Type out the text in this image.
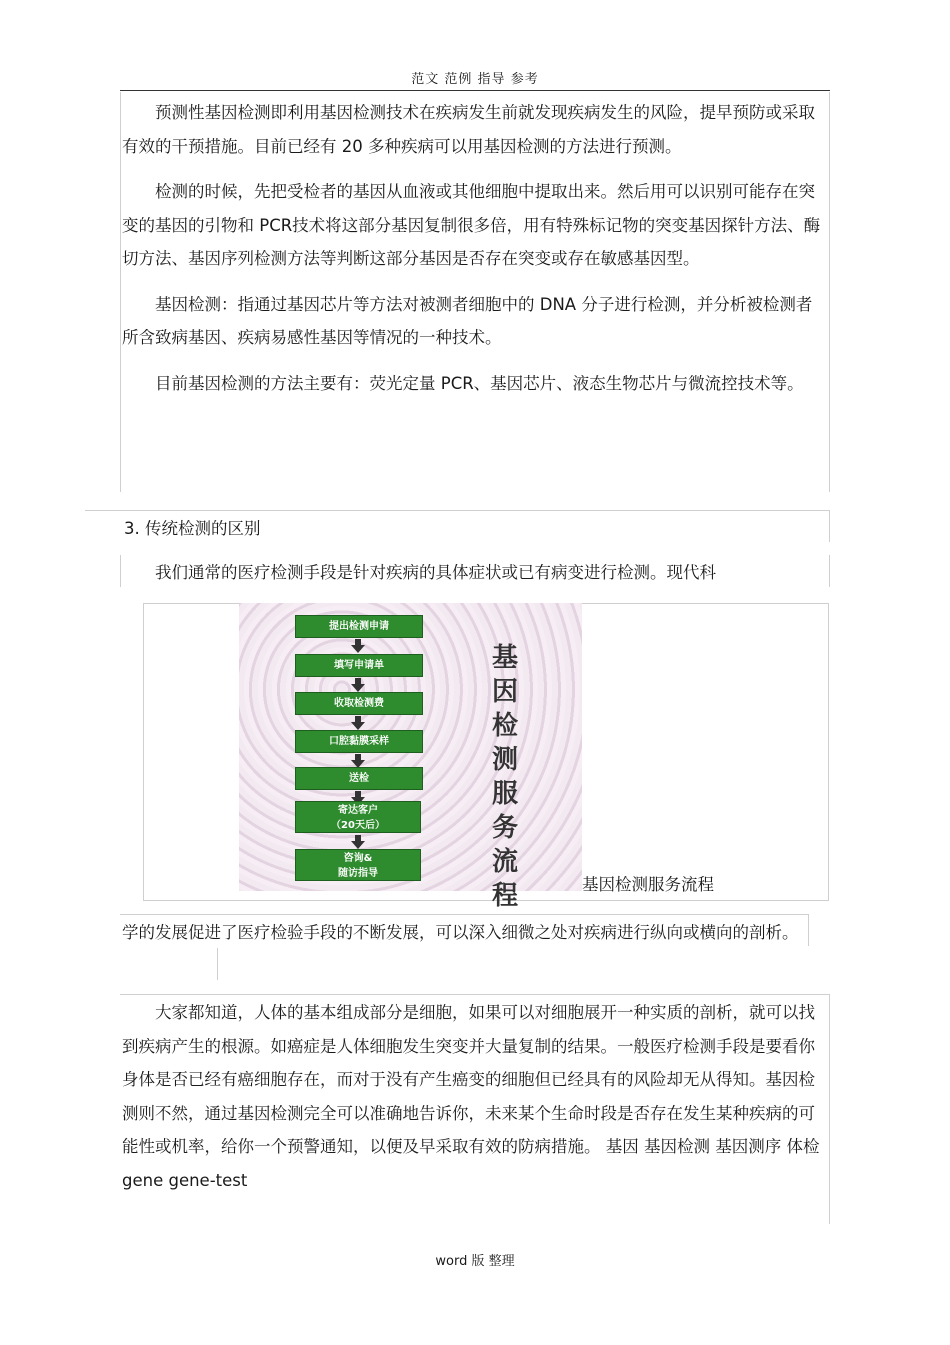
范文 范例 指导 参考

预测性基因检测即利用基因检测技术在疾病发生前就发现疾病发生的风险，提早预防或采取有效的干预措施。目前已经有 20 多种疾病可以用基因检测的方法进行预测。

检测的时候，先把受检者的基因从血液或其他细胞中提取出来。然后用可以识别可能存在突变的基因的引物和 PCR技术将这部分基因复制很多倍，用有特殊标记物的突变基因探针方法、酶切方法、基因序列检测方法等判断这部分基因是否存在突变或存在敏感基因型。

基因检测：指通过基因芯片等方法对被测者细胞中的 DNA 分子进行检测，并分析被检测者所含致病基因、疾病易感性基因等情况的一种技术。

目前基因检测的方法主要有：荧光定量 PCR、基因芯片、液态生物芯片与微流控技术等。

3. 传统检测的区别

我们通常的医疗检测手段是针对疾病的具体症状或已有病变进行检测。现代科

提出检测申请
填写申请单
收取检测费
口腔黏膜采样
送检
寄达客户
（20天后）
咨询&
随访指导
基因检测服务流程	基因检测服务流程

学的发展促进了医疗检验手段的不断发展，可以深入细微之处对疾病进行纵向或横向的剖析。

大家都知道，人体的基本组成部分是细胞，如果可以对细胞展开一种实质的剖析，就可以找到疾病产生的根源。如癌症是人体细胞发生突变并大量复制的结果。一般医疗检测手段是要看你身体是否已经有癌细胞存在，而对于没有产生癌变的细胞但已经具有的风险却无从得知。基因检测则不然，通过基因检测完全可以准确地告诉你，未来某个生命时段是否存在发生某种疾病的可能性或机率，给你一个预警通知，以便及早采取有效的防病措施。 基因 基因检测 基因测序 体检 gene gene-test

word 版 整理
